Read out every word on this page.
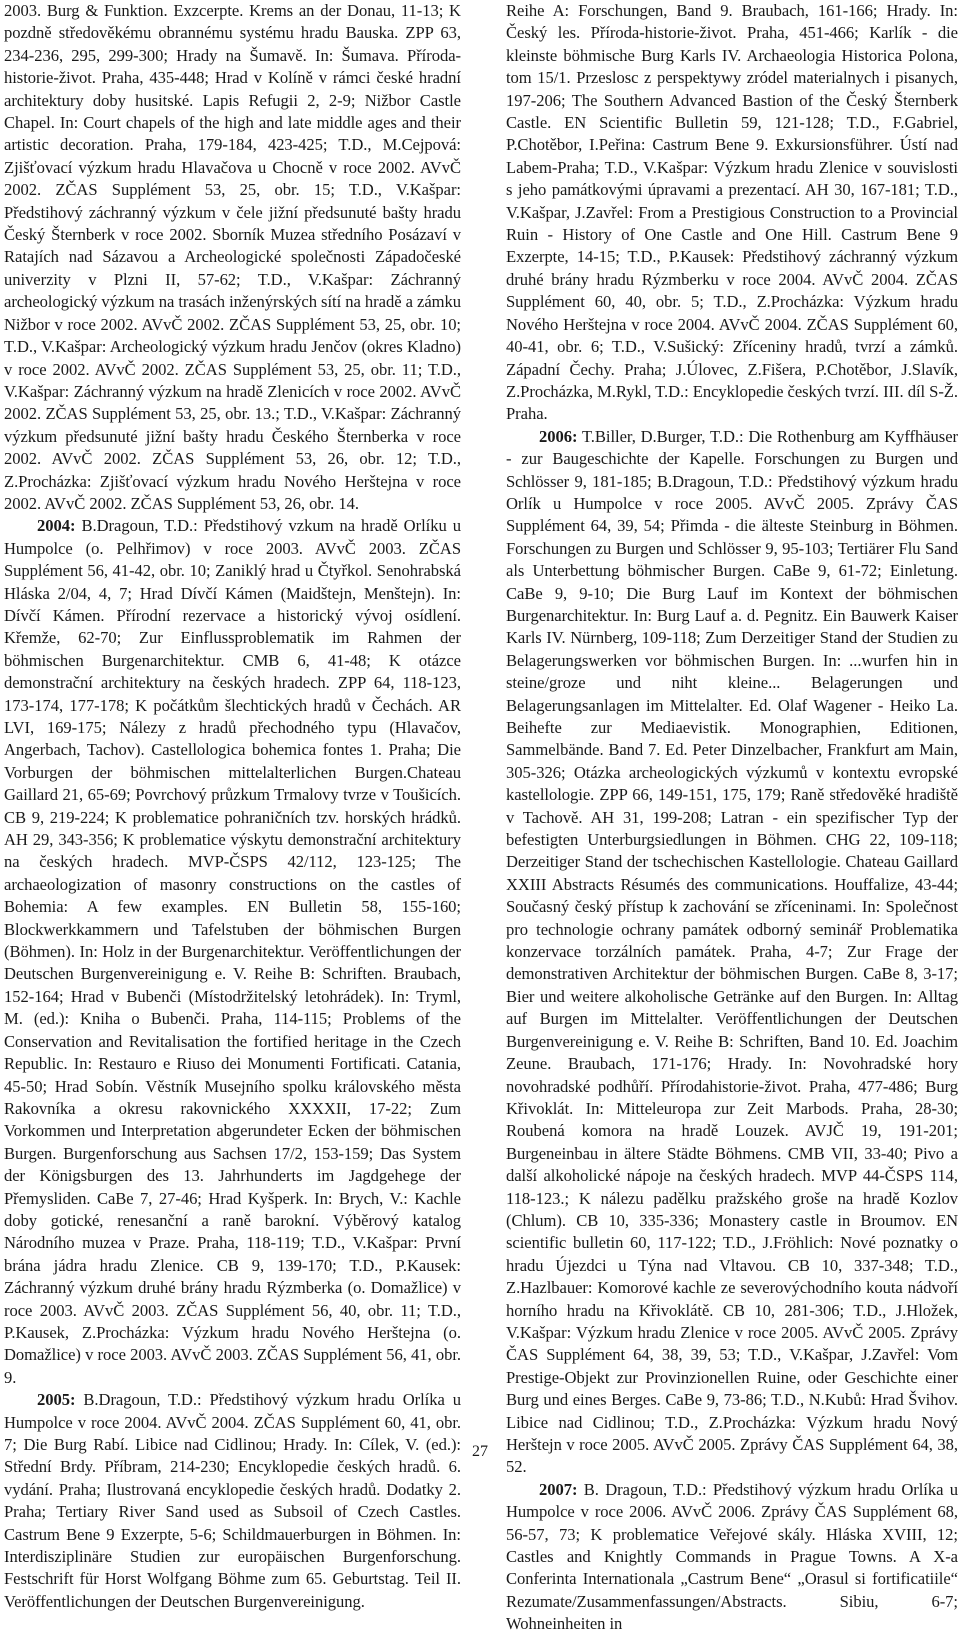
2003. Burg & Funktion. Exzcerpte. Krems an der Donau, 11-13; K pozdně středověkému obrannému systému hradu Bauska. ZPP 63, 234-236, 295, 299-300; Hrady na Šumavě. In: Šumava. Příroda-historie-život. Praha, 435-448; Hrad v Kolíně v rámci české hradní architektury doby husitské. Lapis Refugii 2, 2-9; Nižbor Castle Chapel. In: Court chapels of the high and late middle ages and their artistic decoration. Praha, 179-184, 423-425; T.D., M.Cejpová: Zjišťovací výzkum hradu Hlavačova u Chocně v roce 2002. AVvČ 2002. ZČAS Supplément 53, 25, obr. 15; T.D., V.Kašpar: Předstihový záchranný výzkum v čele jižní předsunuté bašty hradu Český Šternberk v roce 2002. Sborník Muzea středního Posázaví v Ratajích nad Sázavou a Archeologické společnosti Západočeské univerzity v Plzni II, 57-62; T.D., V.Kašpar: Záchranný archeologický výzkum na trasách inženýrských sítí na hradě a zámku Nižbor v roce 2002. AVvČ 2002. ZČAS Supplément 53, 25, obr. 10; T.D., V.Kašpar: Archeologický výzkum hradu Jenčov (okres Kladno) v roce 2002. AVvČ 2002. ZČAS Supplément 53, 25, obr. 11; T.D., V.Kašpar: Záchranný výzkum na hradě Zlenicích v roce 2002. AVvČ 2002. ZČAS Supplément 53, 25, obr. 13.; T.D., V.Kašpar: Záchranný výzkum předsunuté jižní bašty hradu Českého Šternberka v roce 2002. AVvČ 2002. ZČAS Supplément 53, 26, obr. 12; T.D., Z.Procházka: Zjišťovací výzkum hradu Nového Herštejna v roce 2002. AVvČ 2002. ZČAS Supplément 53, 26, obr. 14.

2004: B.Dragoun, T.D.: Předstihový vzkum na hradě Orlíku u Humpolce (o. Pelhřimov) v roce 2003. AVvČ 2003. ZČAS Supplément 56, 41-42, obr. 10; Zaniklý hrad u Čtyřkol. Senohrabská Hláska 2/04, 4, 7; Hrad Dívčí Kámen (Maidštejn, Menštejn). In: Dívčí Kámen. Přírodní rezervace a historický vývoj osídlení. Křemže, 62-70; Zur Einflussproblematik im Rahmen der böhmischen Burgenarchitektur. CMB 6, 41-48; K otázce demonstrační architektury na českých hradech. ZPP 64, 118-123, 173-174, 177-178; K počátkům šlechtických hradů v Čechách. AR LVI, 169-175; Nálezy z hradů přechodného typu (Hlavačov, Angerbach, Tachov). Castellologica bohemica fontes 1. Praha; Die Vorburgen der böhmischen mittelalterlichen Burgen.Chateau Gaillard 21, 65-69; Povrchový průzkum Trmalovy tvrze v Toušicích. CB 9, 219-224; K problematice pohraničních tzv. horských hrádků. AH 29, 343-356; K problematice výskytu demonstrační architektury na českých hradech. MVP-ČSPS 42/112, 123-125; The archaeologization of masonry constructions on the castles of Bohemia: A few examples. EN Bulletin 58, 155-160; Blockwerkkammern und Tafelstuben der böhmischen Burgen (Böhmen). In: Holz in der Burgenarchitektur. Veröffentlichungen der Deutschen Burgenvereinigung e. V. Reihe B: Schriften. Braubach, 152-164; Hrad v Bubenči (Místodržitelský letohrádek). In: Tryml, M. (ed.): Kniha o Bubenči. Praha, 114-115; Problems of the Conservation and Revitalisation the fortified heritage in the Czech Republic. In: Restauro e Riuso dei Monumenti Fortificati. Catania, 45-50; Hrad Sobín. Věstník Musejního spolku královského města Rakovníka a okresu rakovnického XXXXII, 17-22; Zum Vorkommen und Interpretation abgerundeter Ecken der böhmischen Burgen. Burgenforschung aus Sachsen 17/2, 153-159; Das System der Königsburgen des 13. Jahrhunderts im Jagdgehege der Přemysliden. CaBe 7, 27-46; Hrad Kyšperk. In: Brych, V.: Kachle doby gotické, renesanční a raně barokní. Výběrový katalog Národního muzea v Praze. Praha, 118-119; T.D., V.Kašpar: První brána jádra hradu Zlenice. CB 9, 139-170; T.D., P.Kausek: Záchranný výzkum druhé brány hradu Rýzmberka (o. Domažlice) v roce 2003. AVvČ 2003. ZČAS Supplément 56, 40, obr. 11; T.D., P.Kausek, Z.Procházka: Výzkum hradu Nového Herštejna (o. Domažlice) v roce 2003. AVvČ 2003. ZČAS Supplément 56, 41, obr. 9.

2005: B.Dragoun, T.D.: Předstihový výzkum hradu Orlíka u Humpolce v roce 2004. AVvČ 2004. ZČAS Supplément 60, 41, obr. 7; Die Burg Rabí. Libice nad Cidlinou; Hrady. In: Cílek, V. (ed.): Střední Brdy. Příbram, 214-230; Encyklopedie českých hradů. 6. vydání. Praha; Ilustrovaná encyklopedie českých hradů. Dodatky 2. Praha; Tertiary River Sand used as Subsoil of Czech Castles. Castrum Bene 9 Exzerpte, 5-6; Schildmauerburgen in Böhmen. In: Interdisziplinäre Studien zur europäischen Burgenforschung. Festschrift für Horst Wolfgang Böhme zum 65. Geburtstag. Teil II. Veröffentlichungen der Deutschen Burgenvereinigung.

Reihe A: Forschungen, Band 9. Braubach, 161-166; Hrady. In: Český les. Příroda-historie-život. Praha, 451-466; Karlík - die kleinste böhmische Burg Karls IV. Archaeologia Historica Polona, tom 15/1. Przeslosc z perspektywy zródel materialnych i pisanych, 197-206; The Southern Advanced Bastion of the Český Šternberk Castle. EN Scientific Bulletin 59, 121-128; T.D., F.Gabriel, P.Chotěbor, I.Peřina: Castrum Bene 9. Exkursionsführer. Ústí nad Labem-Praha; T.D., V.Kašpar: Výzkum hradu Zlenice v souvislosti s jeho památkovými úpravami a prezentací. AH 30, 167-181; T.D., V.Kašpar, J.Zavřel: From a Prestigious Construction to a Provincial Ruin - History of One Castle and One Hill. Castrum Bene 9 Exzerpte, 14-15; T.D., P.Kausek: Předstihový záchranný výzkum druhé brány hradu Rýzmberku v roce 2004. AVvČ 2004. ZČAS Supplément 60, 40, obr. 5; T.D., Z.Procházka: Výzkum hradu Nového Herštejna v roce 2004. AVvČ 2004. ZČAS Supplément 60, 40-41, obr. 6; T.D., V.Sušický: Zříceniny hradů, tvrzí a zámků. Západní Čechy. Praha; J.Úlovec, Z.Fišera, P.Chotěbor, J.Slavík, Z.Procházka, M.Rykl, T.D.: Encyklopedie českých tvrzí. III. díl S-Ž. Praha.

2006: T.Biller, D.Burger, T.D.: Die Rothenburg am Kyffhäuser - zur Baugeschichte der Kapelle. Forschungen zu Burgen und Schlösser 9, 181-185; B.Dragoun, T.D.: Předstihový výzkum hradu Orlík u Humpolce v roce 2005. AVvČ 2005. Zprávy ČAS Supplément 64, 39, 54; Přimda - die älteste Steinburg in Böhmen. Forschungen zu Burgen und Schlösser 9, 95-103; Tertiärer Flu Sand als Unterbettung böhmischer Burgen. CaBe 9, 61-72; Einletung. CaBe 9, 9-10; Die Burg Lauf im Kontext der böhmischen Burgenarchitektur. In: Burg Lauf a. d. Pegnitz. Ein Bauwerk Kaiser Karls IV. Nürnberg, 109-118; Zum Derzeitiger Stand der Studien zu Belagerungswerken vor böhmischen Burgen. In: ...wurfen hin in steine/groze und niht kleine... Belagerungen und Belagerungsanlagen im Mittelalter. Ed. Olaf Wagener - Heiko La. Beihefte zur Mediaevistik. Monographien, Editionen, Sammelbände. Band 7. Ed. Peter Dinzelbacher, Frankfurt am Main, 305-326; Otázka archeologických výzkumů v kontextu evropské kastellologie. ZPP 66, 149-151, 175, 179; Raně středověké hradiště v Tachově. AH 31, 199-208; Latran - ein spezifischer Typ der befestigten Unterburgsiedlungen in Böhmen. CHG 22, 109-118; Derzeitiger Stand der tschechischen Kastellologie. Chateau Gaillard XXIII Abstracts Résumés des communications. Houffalize, 43-44; Současný český přístup k zachování se zříceninami. In: Společnost pro technologie ochrany památek odborný seminář Problematika konzervace torzálních památek. Praha, 4-7; Zur Frage der demonstrativen Architektur der böhmischen Burgen. CaBe 8, 3-17; Bier und weitere alkoholische Getränke auf den Burgen. In: Alltag auf Burgen im Mittelalter. Veröffentlichungen der Deutschen Burgenvereinigung e. V. Reihe B: Schriften, Band 10. Ed. Joachim Zeune. Braubach, 171-176; Hrady. In: Novohradské hory novohradské podhůří. Přírodahistorie-život. Praha, 477-486; Burg Křivoklát. In: Mitteleuropa zur Zeit Marbods. Praha, 28-30; Roubená komora na hradě Louzek. AVJČ 19, 191-201; Burgeneinbau in ältere Städte Böhmens. CMB VII, 33-40; Pivo a další alkoholické nápoje na českých hradech. MVP 44-ČSPS 114, 118-123.; K nálezu padělku pražského groše na hradě Kozlov (Chlum). CB 10, 335-336; Monastery castle in Broumov. EN scientific bulletin 60, 117-122; T.D., J.Fröhlich: Nové poznatky o hradu Újezdci u Týna nad Vltavou. CB 10, 337-348; T.D., Z.Hazlbauer: Komorové kachle ze severovýchodního kouta nádvoří horního hradu na Křivoklátě. CB 10, 281-306; T.D., J.Hložek, V.Kašpar: Výzkum hradu Zlenice v roce 2005. AVvČ 2005. Zprávy ČAS Supplément 64, 38, 39, 53; T.D., V.Kašpar, J.Zavřel: Vom Prestige-Objekt zur Provinzionellen Ruine, oder Geschichte einer Burg und eines Berges. CaBe 9, 73-86; T.D., N.Kubů: Hrad Švihov. Libice nad Cidlinou; T.D., Z.Procházka: Výzkum hradu Nový Herštejn v roce 2005. AVvČ 2005. Zprávy ČAS Supplément 64, 38, 52.

2007: B. Dragoun, T.D.: Předstihový výzkum hradu Orlíka u Humpolce v roce 2006. AVvČ 2006. Zprávy ČAS Supplément 68, 56-57, 73; K problematice Veřejové skály. Hláska XVIII, 12; Castles and Knightly Commands in Prague Towns. A X-a Conferinta Internationala „Castrum Bene“ „Orasul si fortificatiile“ Rezumate/Zusammenfassungen/Abstracts. Sibiu, 6-7; Wohneinheiten in

27
